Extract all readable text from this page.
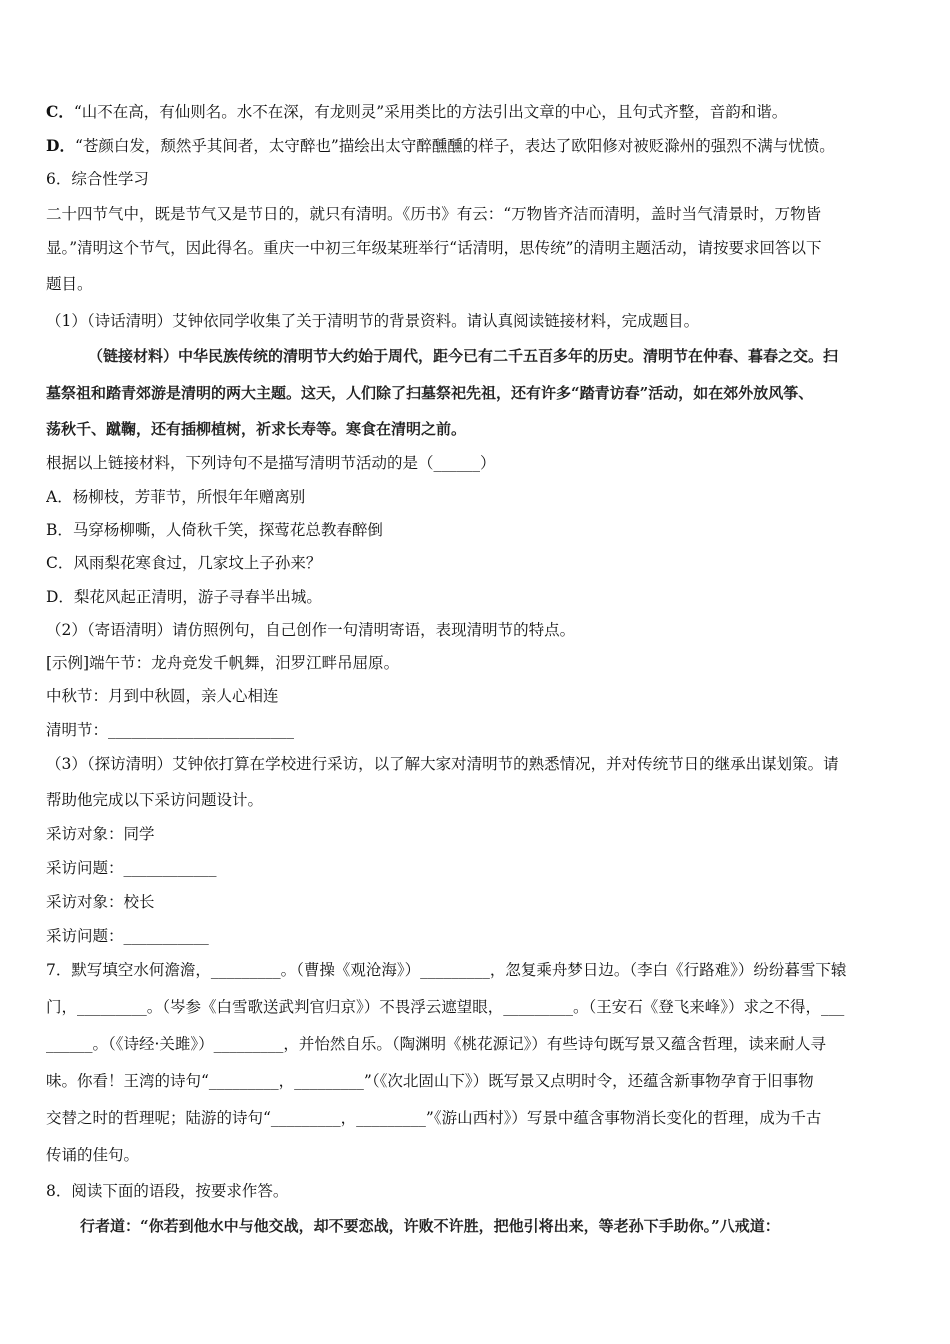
C．“山不在高，有仙则名。水不在深，有龙则灵”采用类比的方法引出文章的中心，且句式齐整，音韵和谐。
D．“苍颜白发，颓然乎其间者，太守醉也”描绘出太守醉醺醺的样子，表达了欧阳修对被贬滁州的强烈不满与忧愤。
6．综合性学习
二十四节气中，既是节气又是节日的，就只有清明。《历书》有云：“万物皆齐洁而清明，盖时当气清景时，万物皆
显。”清明这个节气，因此得名。重庆一中初三年级某班举行“话清明，思传统”的清明主题活动，请按要求回答以下
题目。
（1）（诗话清明）艾钟依同学收集了关于清明节的背景资料。请认真阅读链接材料，完成题目。
（链接材料）中华民族传统的清明节大约始于周代，距今已有二千五百多年的历史。清明节在仲春、暮春之交。扫
墓祭祖和踏青郊游是清明的两大主题。这天，人们除了扫墓祭祀先祖，还有许多“踏青访春”活动，如在郊外放风筝、
荡秋千、蹴鞠，还有插柳植树，祈求长寿等。寒食在清明之前。
根据以上链接材料，下列诗句不是描写清明节活动的是（______）
A．杨柳枝，芳菲节，所恨年年赠离别
B．马穿杨柳嘶，人倚秋千笑，探莺花总教春醉倒
C．风雨梨花寒食过，几家坟上子孙来？
D．梨花风起正清明，游子寻春半出城。
（2）（寄语清明）请仿照例句，自己创作一句清明寄语，表现清明节的特点。
[示例]端午节：龙舟竞发千帆舞，汨罗江畔吊屈原。
中秋节：月到中秋圆，亲人心相连
清明节：________________________
（3）（探访清明）艾钟依打算在学校进行采访，以了解大家对清明节的熟悉情况，并对传统节日的继承出谋划策。请
帮助他完成以下采访问题设计。
采访对象：同学
采访问题：____________
采访对象：校长
采访问题：___________
7．默写填空水何澹澹，_________。（曹操《观沧海》）_________，忽复乘舟梦日边。（李白《行路难》）纷纷暮雪下辕
门，_________。（岑参《白雪歌送武判官归京》）不畏浮云遮望眼，_________。（王安石《登飞来峰》）求之不得，___
______。（《诗经·关雎》）_________，并怡然自乐。（陶渊明《桃花源记》）有些诗句既写景又蕴含哲理，读来耐人寻
味。你看！王湾的诗句“_________，_________”（《次北固山下》）既写景又点明时令，还蕴含新事物孕育于旧事物
交替之时的哲理呢；陆游的诗句“_________，_________”《游山西村》）写景中蕴含事物消长变化的哲理，成为千古
传诵的佳句。
8．阅读下面的语段，按要求作答。
行者道：“你若到他水中与他交战，却不要恋战，许败不许胜，把他引将出来，等老孙下手助你。”八戒道：
